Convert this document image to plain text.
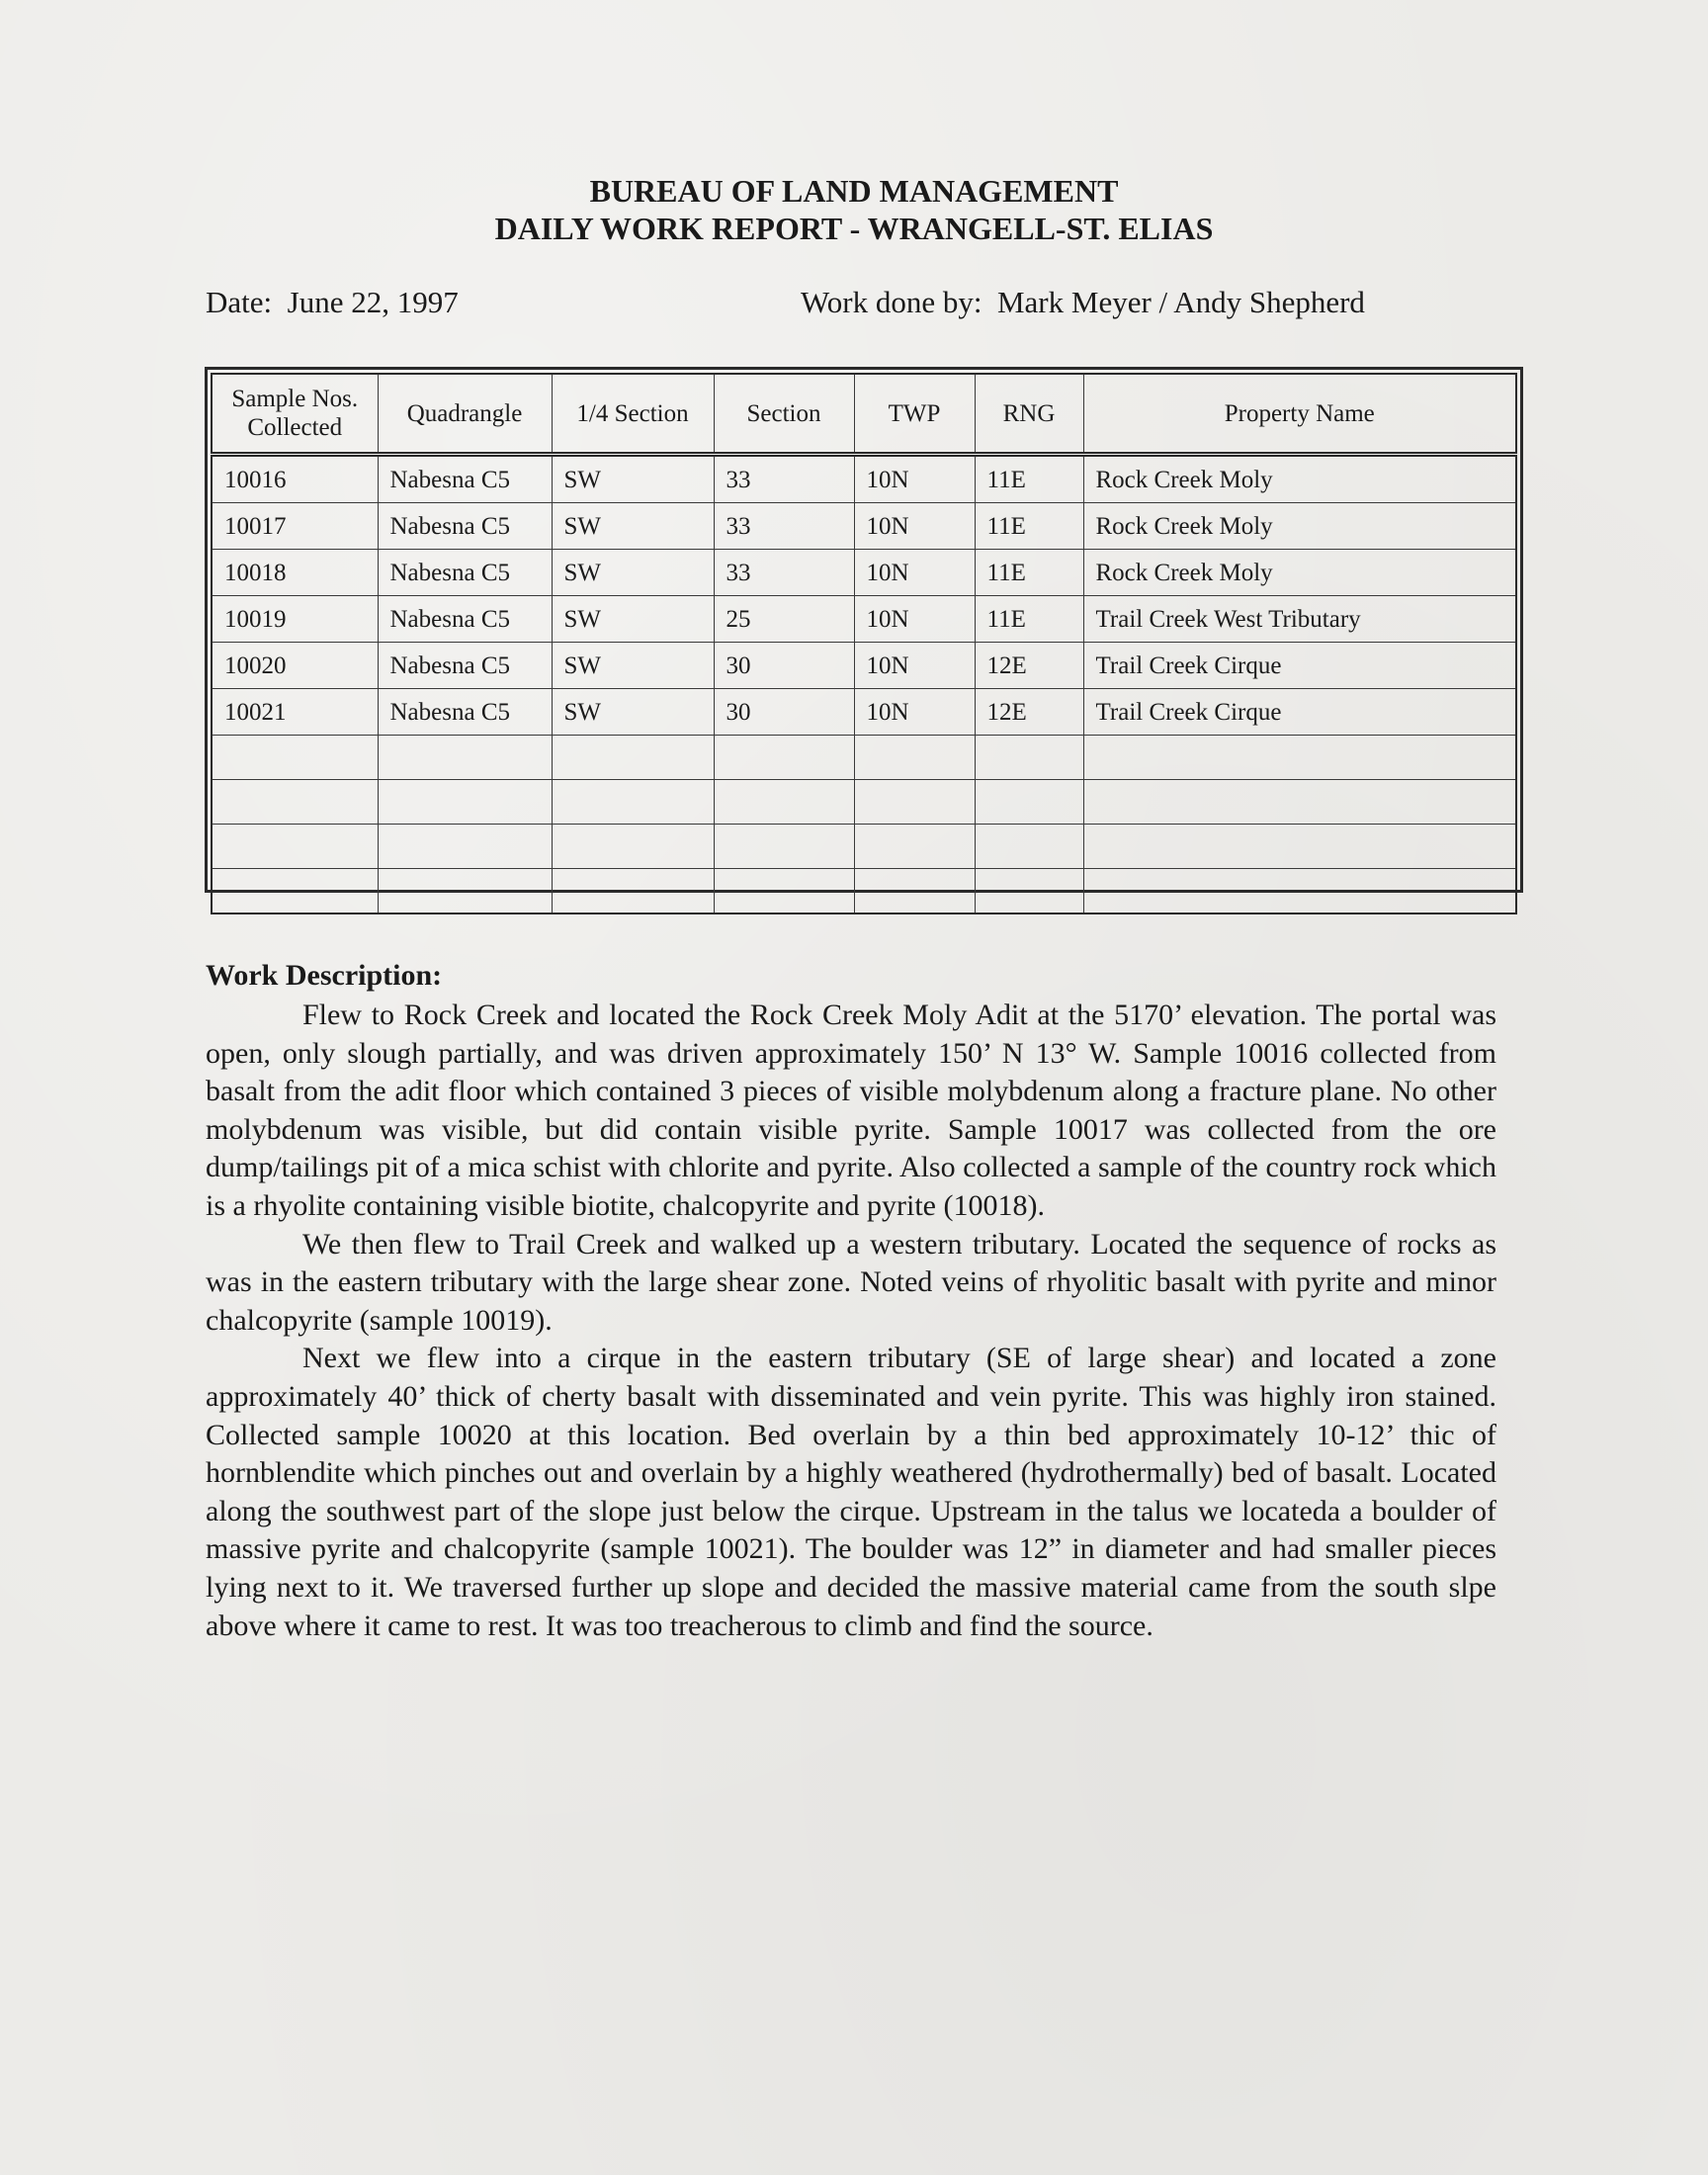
BUREAU OF LAND MANAGEMENT
DAILY WORK REPORT - WRANGELL-ST. ELIAS
Date: June 22, 1997	Work done by: Mark Meyer / Andy Shepherd
Sample Nos. Collected	Quadrangle	1/4 Section	Section	TWP	RNG	Property Name
10016	Nabesna C5	SW	33	10N	11E	Rock Creek Moly
10017	Nabesna C5	SW	33	10N	11E	Rock Creek Moly
10018	Nabesna C5	SW	33	10N	11E	Rock Creek Moly
10019	Nabesna C5	SW	25	10N	11E	Trail Creek West Tributary
10020	Nabesna C5	SW	30	10N	12E	Trail Creek Cirque
10021	Nabesna C5	SW	30	10N	12E	Trail Creek Cirque

Work Description:

Flew to Rock Creek and located the Rock Creek Moly Adit at the 5170’ elevation. The portal was open, only slough partially, and was driven approximately 150’ N 13° W. Sample 10016 collected from basalt from the adit floor which contained 3 pieces of visible molybdenum along a fracture plane. No other molybdenum was visible, but did contain visible pyrite. Sample 10017 was collected from the ore dump/tailings pit of a mica schist with chlorite and pyrite. Also collected a sample of the country rock which is a rhyolite containing visible biotite, chalcopyrite and pyrite (10018).

We then flew to Trail Creek and walked up a western tributary. Located the sequence of rocks as was in the eastern tributary with the large shear zone. Noted veins of rhyolitic basalt with pyrite and minor chalcopyrite (sample 10019).

Next we flew into a cirque in the eastern tributary (SE of large shear) and located a zone approximately 40’ thick of cherty basalt with disseminated and vein pyrite. This was highly iron stained. Collected sample 10020 at this location. Bed overlain by a thin bed approximately 10-12’ thic of hornblendite which pinches out and overlain by a highly weathered (hydrothermally) bed of basalt. Located along the southwest part of the slope just below the cirque. Upstream in the talus we locateda a boulder of massive pyrite and chalcopyrite (sample 10021). The boulder was 12” in diameter and had smaller pieces lying next to it. We traversed further up slope and decided the massive material came from the south slpe above where it came to rest. It was too treacherous to climb and find the source.
